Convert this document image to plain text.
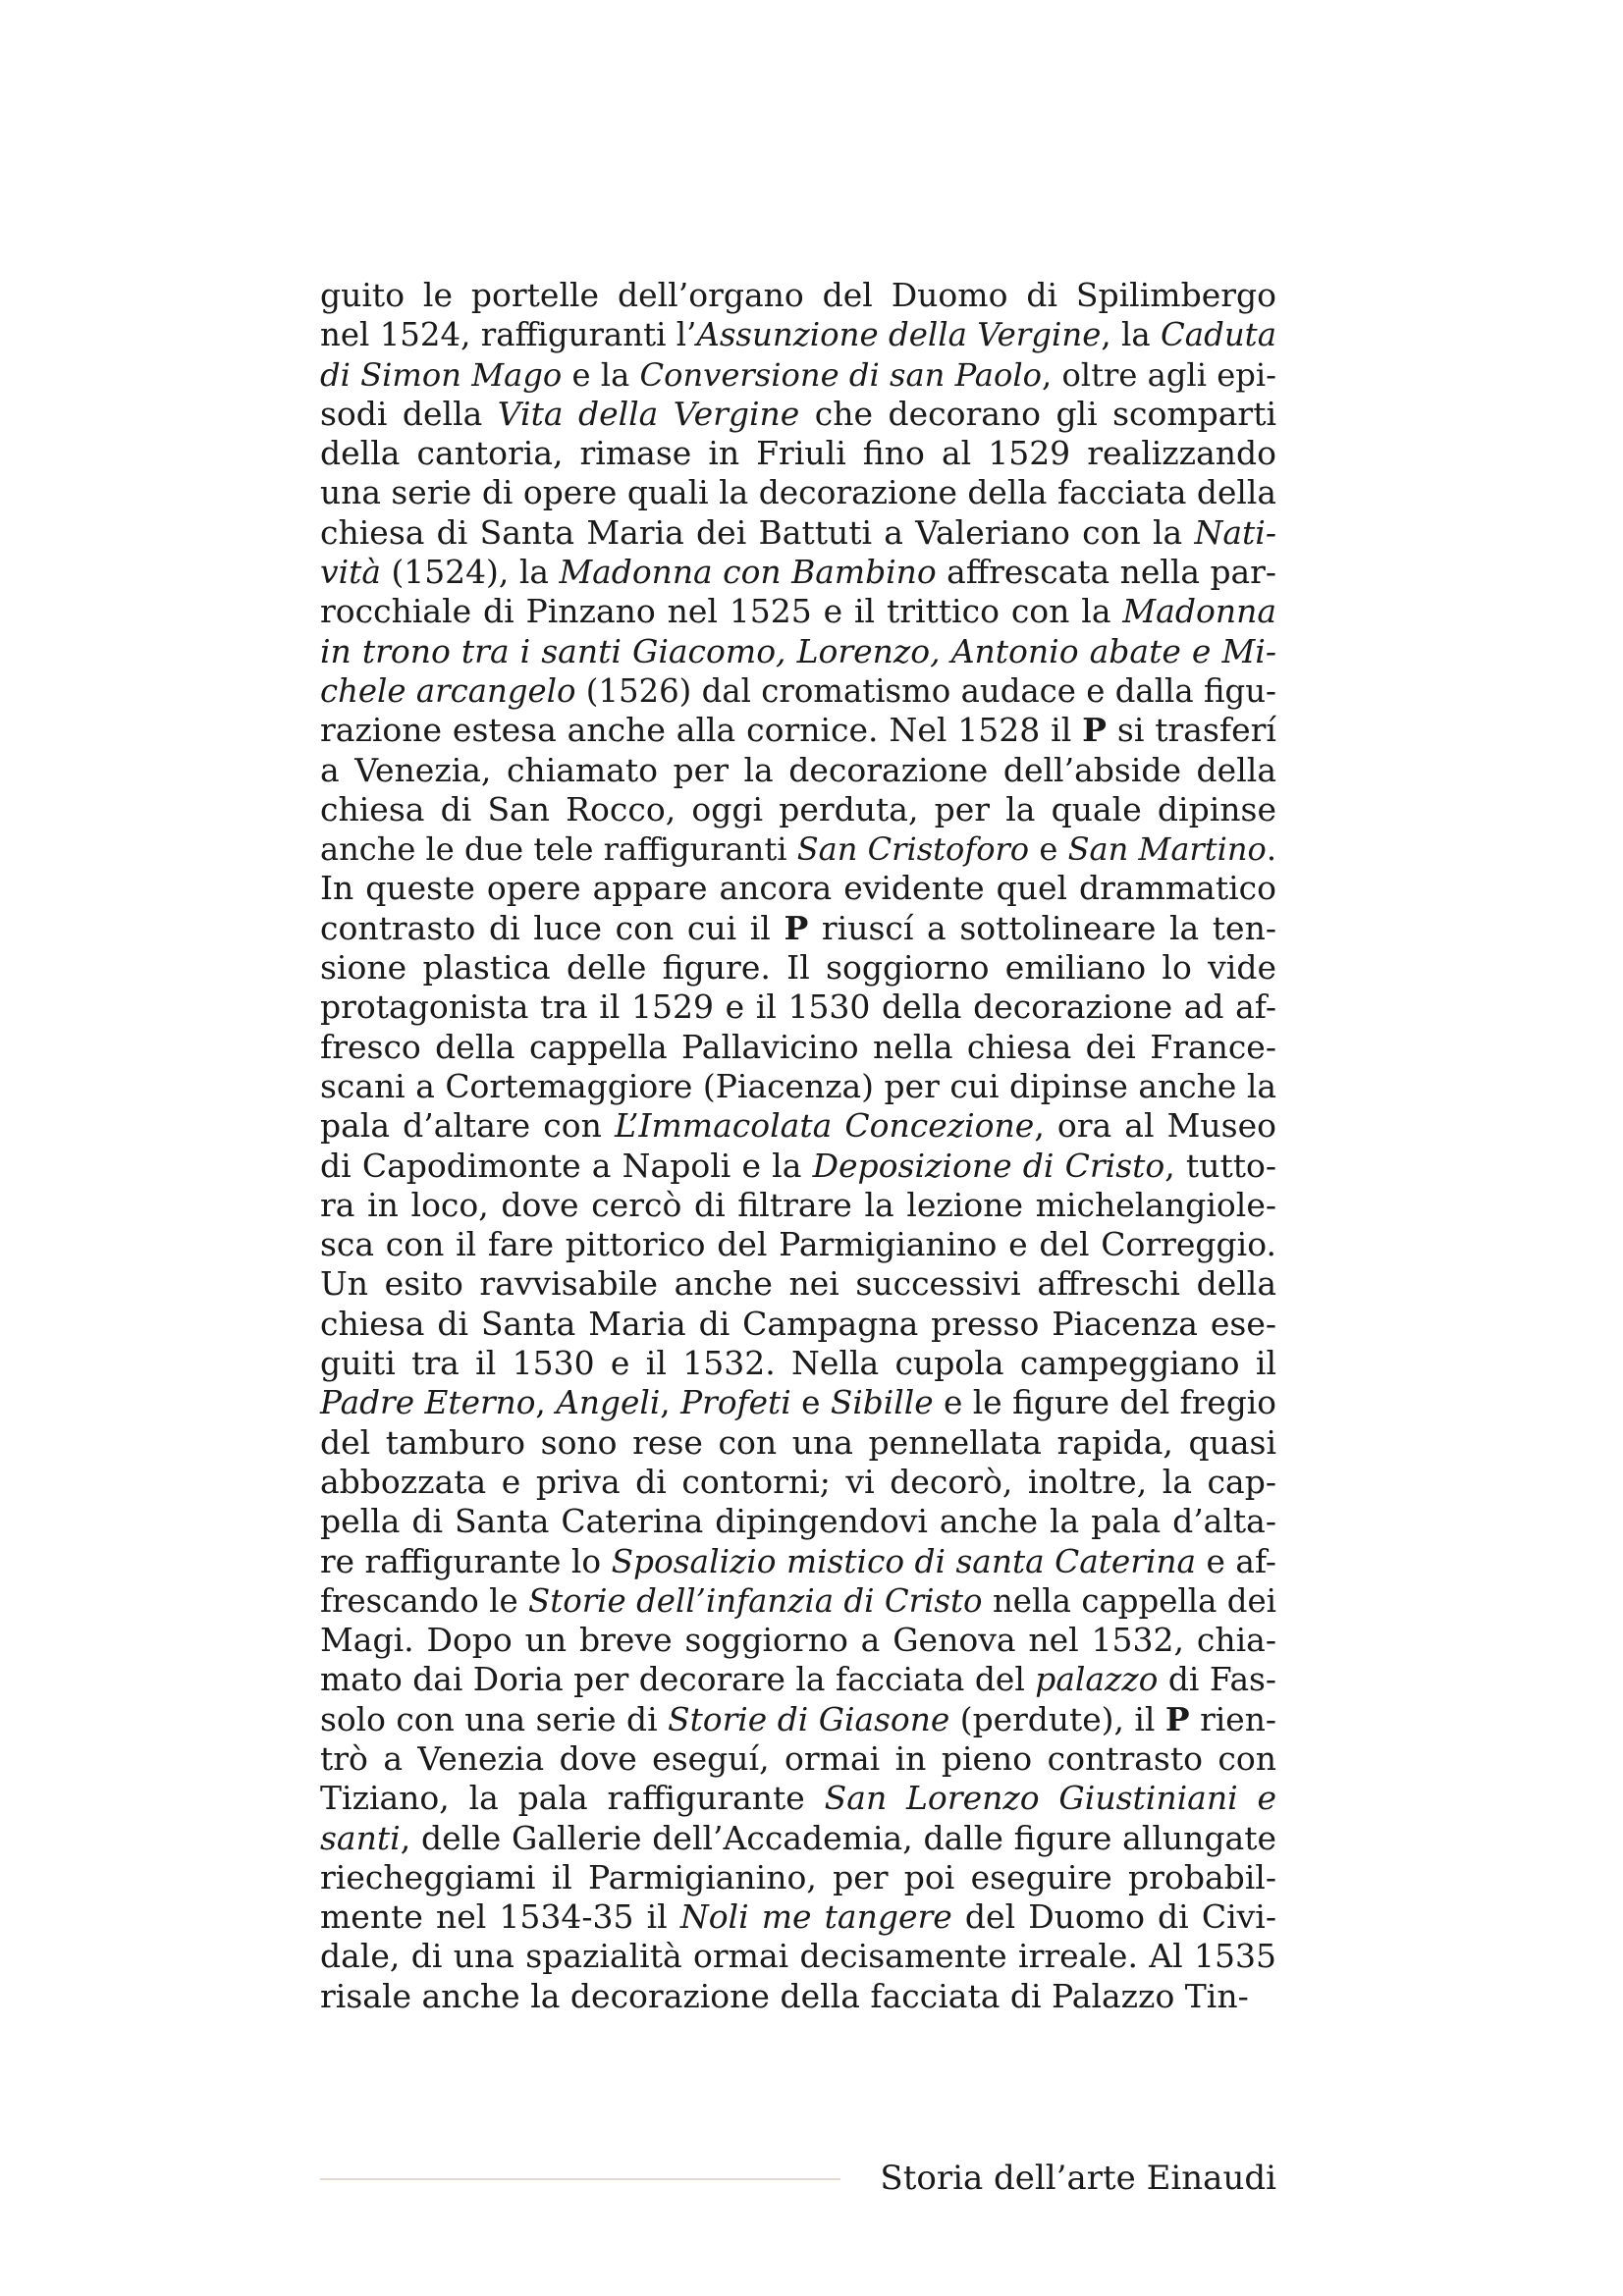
guito le portelle dell’organo del Duomo di Spilimbergo
nel 1524, raffiguranti l’Assunzione della Vergine, la Caduta
di Simon Mago e la Conversione di san Paolo, oltre agli epi-
sodi della Vita della Vergine che decorano gli scomparti
della cantoria, rimase in Friuli fino al 1529 realizzando
una serie di opere quali la decorazione della facciata della
chiesa di Santa Maria dei Battuti a Valeriano con la Nati-
vità (1524), la Madonna con Bambino affrescata nella par-
rocchiale di Pinzano nel 1525 e il trittico con la Madonna
in trono tra i santi Giacomo, Lorenzo, Antonio abate e Mi-
chele arcangelo (1526) dal cromatismo audace e dalla figu-
razione estesa anche alla cornice. Nel 1528 il P si trasferí
a Venezia, chiamato per la decorazione dell’abside della
chiesa di San Rocco, oggi perduta, per la quale dipinse
anche le due tele raffiguranti San Cristoforo e San Martino.
In queste opere appare ancora evidente quel drammatico
contrasto di luce con cui il P riuscí a sottolineare la ten-
sione plastica delle figure. Il soggiorno emiliano lo vide
protagonista tra il 1529 e il 1530 della decorazione ad af-
fresco della cappella Pallavicino nella chiesa dei France-
scani a Cortemaggiore (Piacenza) per cui dipinse anche la
pala d’altare con L’Immacolata Concezione, ora al Museo
di Capodimonte a Napoli e la Deposizione di Cristo, tutto-
ra in loco, dove cercò di filtrare la lezione michelangiole-
sca con il fare pittorico del Parmigianino e del Correggio.
Un esito ravvisabile anche nei successivi affreschi della
chiesa di Santa Maria di Campagna presso Piacenza ese-
guiti tra il 1530 e il 1532. Nella cupola campeggiano il
Padre Eterno, Angeli, Profeti e Sibille e le figure del fregio
del tamburo sono rese con una pennellata rapida, quasi
abbozzata e priva di contorni; vi decorò, inoltre, la cap-
pella di Santa Caterina dipingendovi anche la pala d’alta-
re raffigurante lo Sposalizio mistico di santa Caterina e af-
frescando le Storie dell’infanzia di Cristo nella cappella dei
Magi. Dopo un breve soggiorno a Genova nel 1532, chia-
mato dai Doria per decorare la facciata del palazzo di Fas-
solo con una serie di Storie di Giasone (perdute), il P rien-
trò a Venezia dove eseguí, ormai in pieno contrasto con
Tiziano, la pala raffigurante San Lorenzo Giustiniani e
santi, delle Gallerie dell’Accademia, dalle figure allungate
riecheggiami il Parmigianino, per poi eseguire probabil-
mente nel 1534-35 il Noli me tangere del Duomo di Civi-
dale, di una spazialità ormai decisamente irreale. Al 1535
risale anche la decorazione della facciata di Palazzo Tin-
Storia dell’arte Einaudi
